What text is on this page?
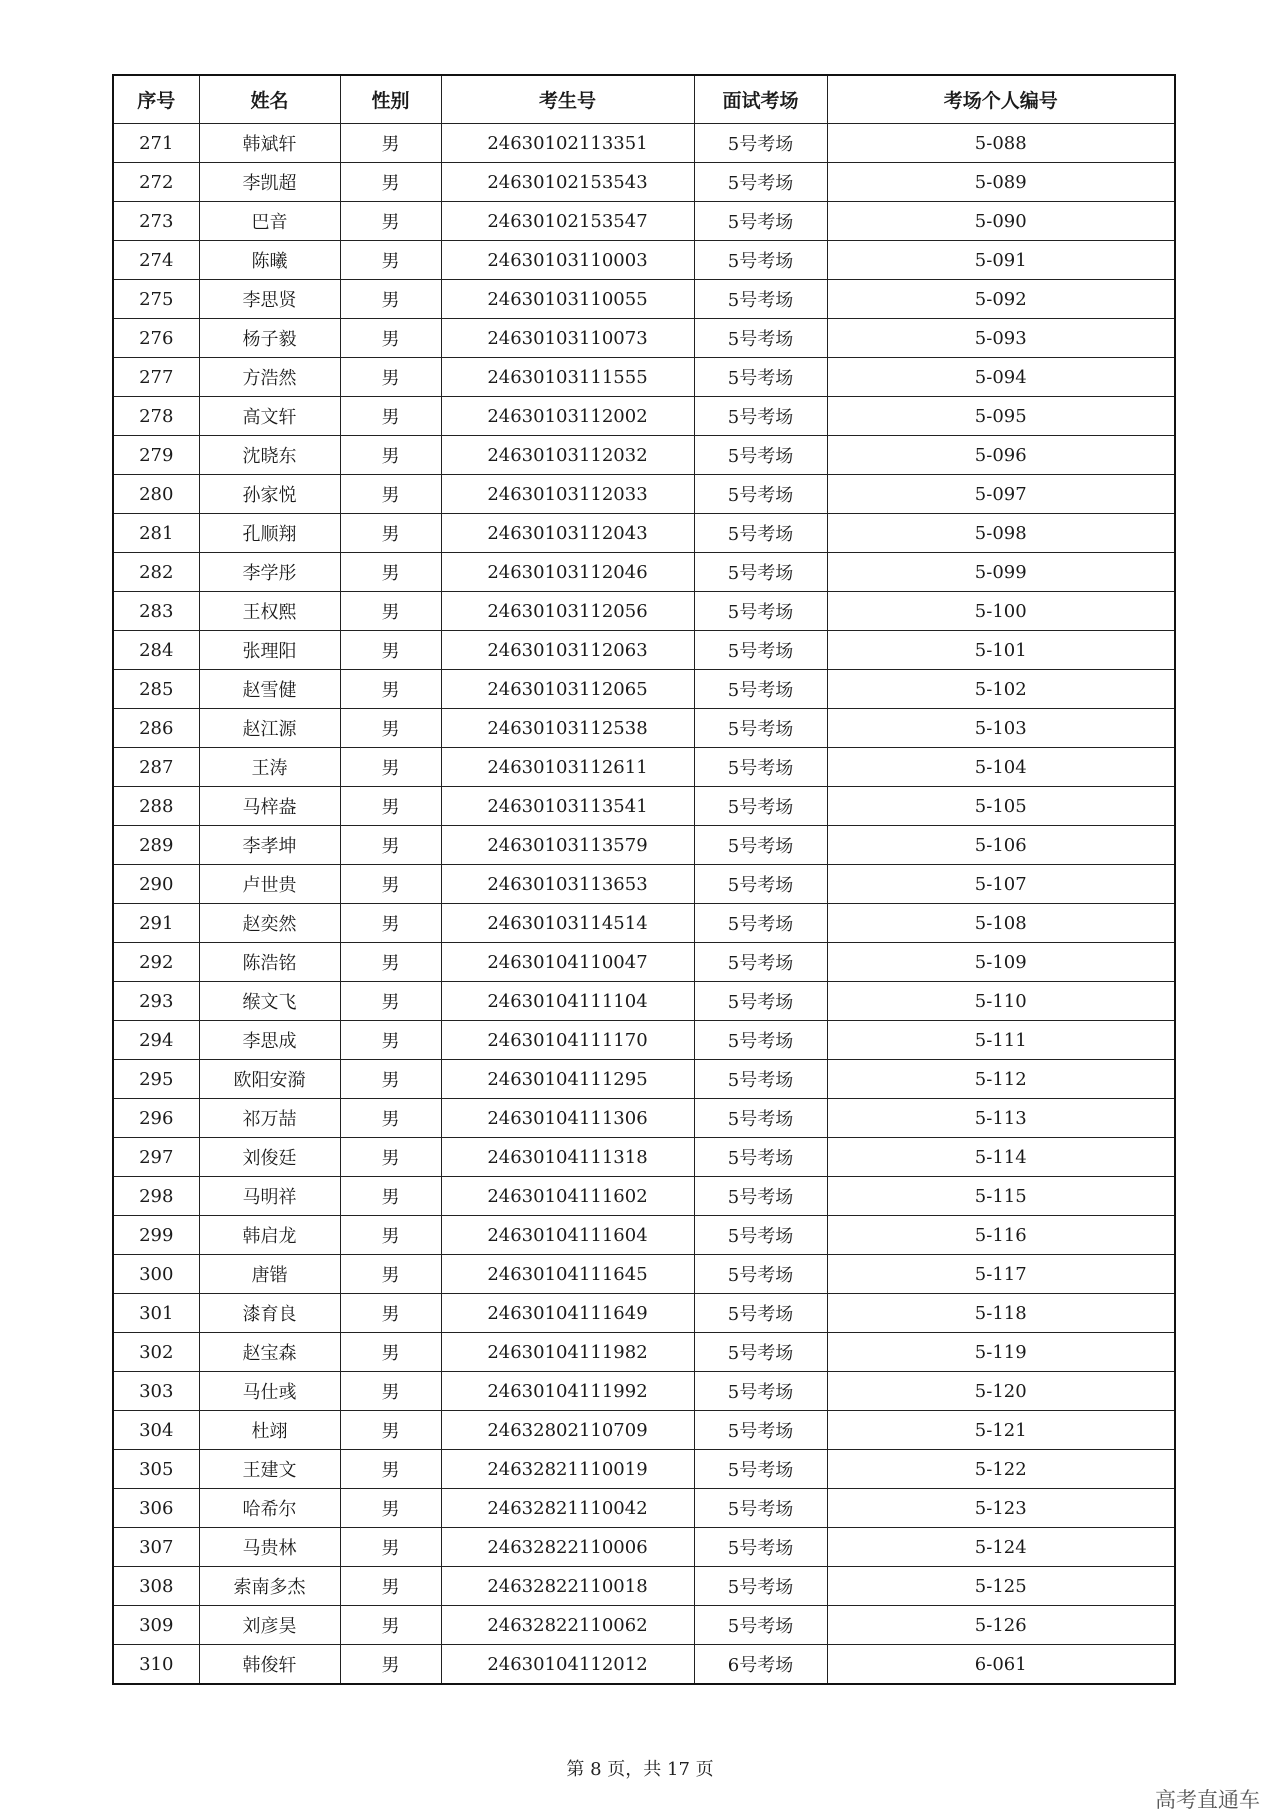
序号	姓名	性别	考生号	面试考场	考场个人编号
271	韩斌轩	男	24630102113351	5号考场	5-088
272	李凯超	男	24630102153543	5号考场	5-089
273	巴音	男	24630102153547	5号考场	5-090
274	陈曦	男	24630103110003	5号考场	5-091
275	李思贤	男	24630103110055	5号考场	5-092
276	杨子毅	男	24630103110073	5号考场	5-093
277	方浩然	男	24630103111555	5号考场	5-094
278	高文轩	男	24630103112002	5号考场	5-095
279	沈晓东	男	24630103112032	5号考场	5-096
280	孙家悦	男	24630103112033	5号考场	5-097
281	孔顺翔	男	24630103112043	5号考场	5-098
282	李学彤	男	24630103112046	5号考场	5-099
283	王权熙	男	24630103112056	5号考场	5-100
284	张理阳	男	24630103112063	5号考场	5-101
285	赵雪健	男	24630103112065	5号考场	5-102
286	赵江源	男	24630103112538	5号考场	5-103
287	王涛	男	24630103112611	5号考场	5-104
288	马梓盎	男	24630103113541	5号考场	5-105
289	李孝坤	男	24630103113579	5号考场	5-106
290	卢世贵	男	24630103113653	5号考场	5-107
291	赵奕然	男	24630103114514	5号考场	5-108
292	陈浩铭	男	24630104110047	5号考场	5-109
293	缑文飞	男	24630104111104	5号考场	5-110
294	李思成	男	24630104111170	5号考场	5-111
295	欧阳安漪	男	24630104111295	5号考场	5-112
296	祁万喆	男	24630104111306	5号考场	5-113
297	刘俊廷	男	24630104111318	5号考场	5-114
298	马明祥	男	24630104111602	5号考场	5-115
299	韩启龙	男	24630104111604	5号考场	5-116
300	唐锴	男	24630104111645	5号考场	5-117
301	漆育良	男	24630104111649	5号考场	5-118
302	赵宝森	男	24630104111982	5号考场	5-119
303	马仕彧	男	24630104111992	5号考场	5-120
304	杜翊	男	24632802110709	5号考场	5-121
305	王建文	男	24632821110019	5号考场	5-122
306	哈希尔	男	24632821110042	5号考场	5-123
307	马贵林	男	24632822110006	5号考场	5-124
308	索南多杰	男	24632822110018	5号考场	5-125
309	刘彦昊	男	24632822110062	5号考场	5-126
310	韩俊轩	男	24630104112012	6号考场	6-061
第 8 页，共 17 页
高考直通车
